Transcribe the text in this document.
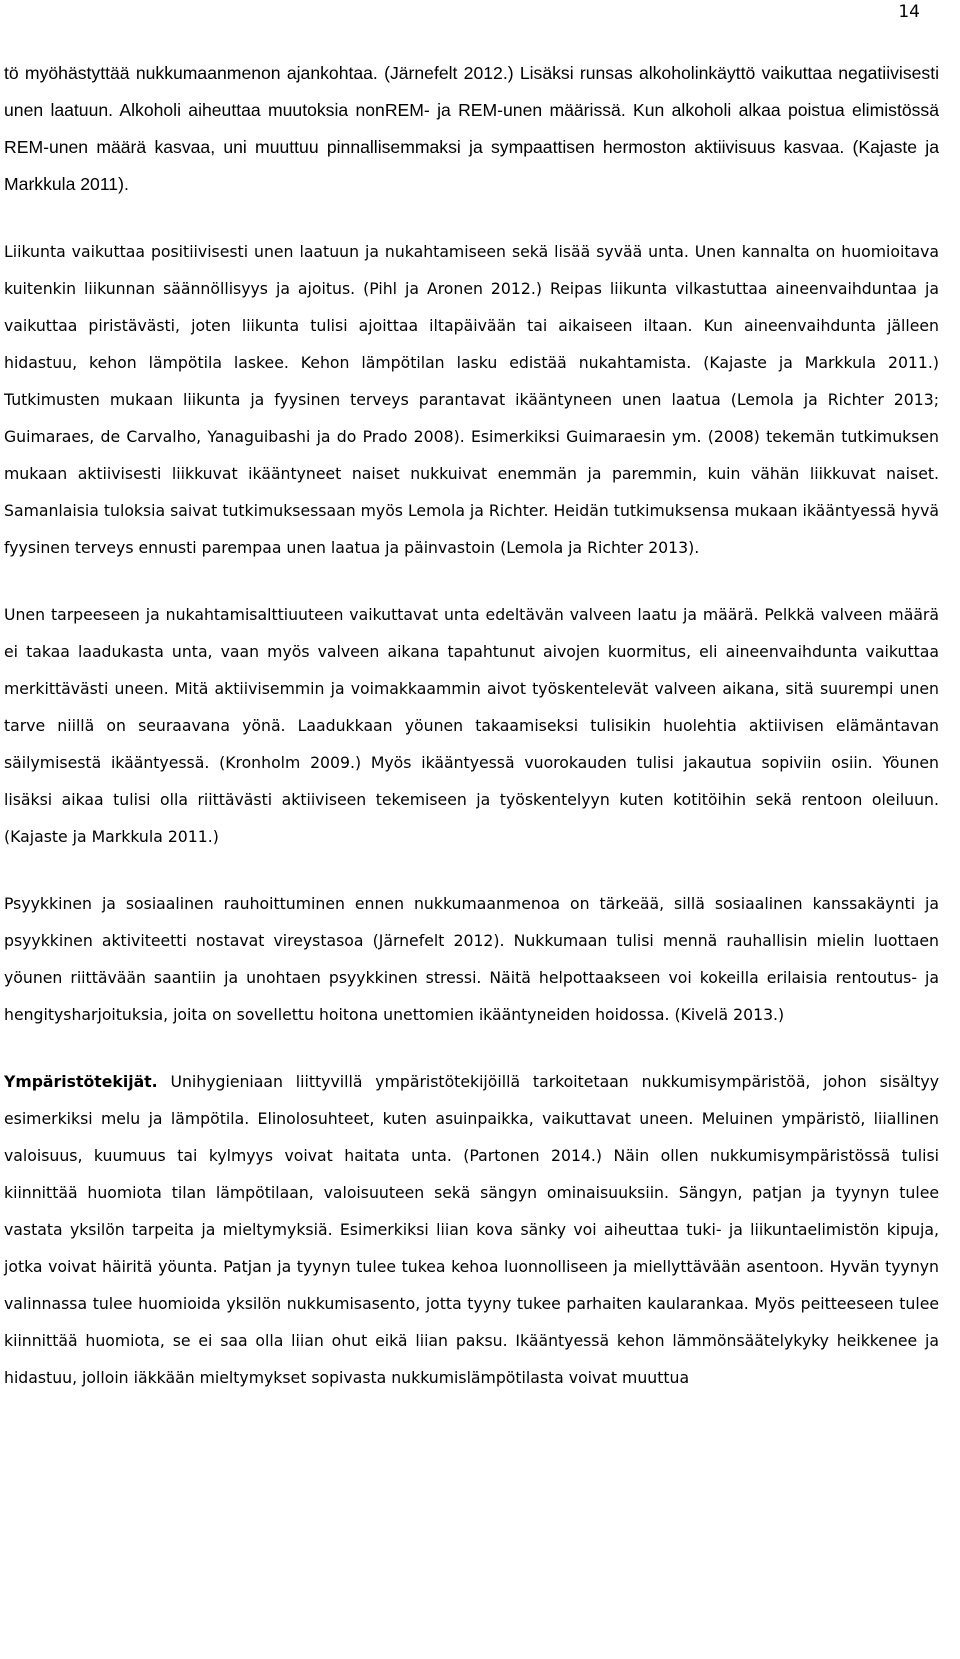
14

tö myöhästyttää nukkumaanmenon ajankohtaa. (Järnefelt 2012.) Lisäksi runsas alkoholinkäyttö vaikuttaa negatiivisesti unen laatuun. Alkoholi aiheuttaa muutoksia nonREM- ja REM-unen määrissä. Kun alkoholi alkaa poistua elimistössä REM-unen määrä kasvaa, uni muuttuu pinnallisemmaksi ja sympaattisen hermoston aktiivisuus kasvaa. (Kajaste ja Markkula 2011).

Liikunta vaikuttaa positiivisesti unen laatuun ja nukahtamiseen sekä lisää syvää unta. Unen kannalta on huomioitava kuitenkin liikunnan säännöllisyys ja ajoitus. (Pihl ja Aronen 2012.) Reipas liikunta vilkastuttaa aineenvaihduntaa ja vaikuttaa piristävästi, joten liikunta tulisi ajoittaa iltapäivään tai aikaiseen iltaan. Kun aineenvaihdunta jälleen hidastuu, kehon lämpötila laskee. Kehon lämpötilan lasku edistää nukahtamista. (Kajaste ja Markkula 2011.) Tutkimusten mukaan liikunta ja fyysinen terveys parantavat ikääntyneen unen laatua (Lemola ja Richter 2013; Guimaraes, de Carvalho, Yanaguibashi ja do Prado 2008). Esimerkiksi Guimaraesin ym. (2008) tekemän tutkimuksen mukaan aktiivisesti liikkuvat ikääntyneet naiset nukkuivat enemmän ja paremmin, kuin vähän liikkuvat naiset. Samanlaisia tuloksia saivat tutkimuksessaan myös Lemola ja Richter. Heidän tutkimuksensa mukaan ikääntyessä hyvä fyysinen terveys ennusti parempaa unen laatua ja päinvastoin (Lemola ja Richter 2013).

Unen tarpeeseen ja nukahtamisalttiuuteen vaikuttavat unta edeltävän valveen laatu ja määrä. Pelkkä valveen määrä ei takaa laadukasta unta, vaan myös valveen aikana tapahtunut aivojen kuormitus, eli aineenvaihdunta vaikuttaa merkittävästi uneen. Mitä aktiivisemmin ja voimakkaammin aivot työskentelevät valveen aikana, sitä suurempi unen tarve niillä on seuraavana yönä. Laadukkaan yöunen takaamiseksi tulisikin huolehtia aktiivisen elämäntavan säilymisestä ikääntyessä. (Kronholm 2009.) Myös ikääntyessä vuorokauden tulisi jakautua sopiviin osiin. Yöunen lisäksi aikaa tulisi olla riittävästi aktiiviseen tekemiseen ja työskentelyyn kuten kotitöihin sekä rentoon oleiluun. (Kajaste ja Markkula 2011.)

Psyykkinen ja sosiaalinen rauhoittuminen ennen nukkumaanmenoa on tärkeää, sillä sosiaalinen kanssakäynti ja psyykkinen aktiviteetti nostavat vireystasoa (Järnefelt 2012). Nukkumaan tulisi mennä rauhallisin mielin luottaen yöunen riittävään saantiin ja unohtaen psyykkinen stressi. Näitä helpottaakseen voi kokeilla erilaisia rentoutus- ja hengitysharjoituksia, joita on sovellettu hoitona unettomien ikääntyneiden hoidossa. (Kivelä 2013.)

Ympäristötekijät. Unihygieniaan liittyvillä ympäristötekijöillä tarkoitetaan nukkumisympäristöä, johon sisältyy esimerkiksi melu ja lämpötila. Elinolosuhteet, kuten asuinpaikka, vaikuttavat uneen. Meluinen ympäristö, liiallinen valoisuus, kuumuus tai kylmyys voivat haitata unta. (Partonen 2014.) Näin ollen nukkumisympäristössä tulisi kiinnittää huomiota tilan lämpötilaan, valoisuuteen sekä sängyn ominaisuuksiin. Sängyn, patjan ja tyynyn tulee vastata yksilön tarpeita ja mieltymyksiä. Esimerkiksi liian kova sänky voi aiheuttaa tuki- ja liikuntaelimistön kipuja, jotka voivat häiritä yöunta. Patjan ja tyynyn tulee tukea kehoa luonnolliseen ja miellyttävään asentoon. Hyvän tyynyn valinnassa tulee huomioida yksilön nukkumisasento, jotta tyyny tukee parhaiten kaularankaa. Myös peitteeseen tulee kiinnittää huomiota, se ei saa olla liian ohut eikä liian paksu. Ikääntyessä kehon lämmönsäätelykyky heikkenee ja hidastuu, jolloin iäkkään mieltymykset sopivasta nukkumislämpötilasta voivat muuttua
